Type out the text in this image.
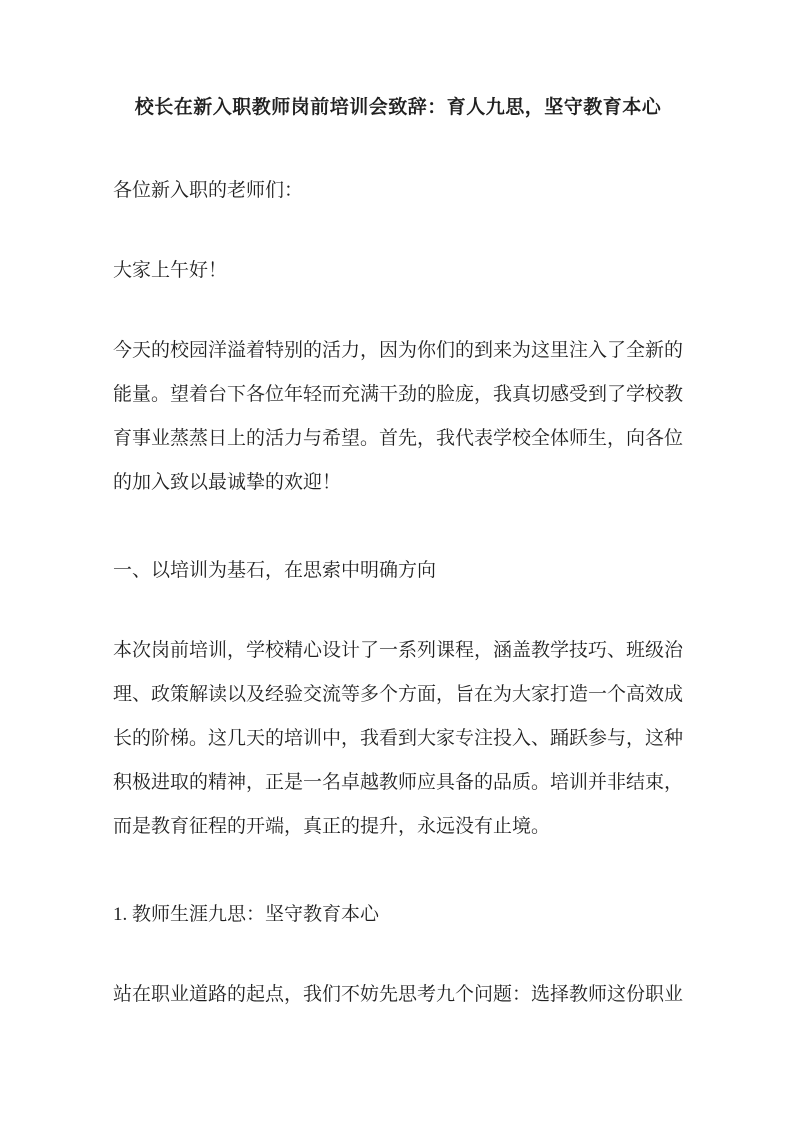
校长在新入职教师岗前培训会致辞：育人九思，坚守教育本心

各位新入职的老师们：

大家上午好！

今天的校园洋溢着特别的活力，因为你们的到来为这里注入了全新的能量。望着台下各位年轻而充满干劲的脸庞，我真切感受到了学校教育事业蒸蒸日上的活力与希望。首先，我代表学校全体师生，向各位的加入致以最诚挚的欢迎！

一、以培训为基石，在思索中明确方向

本次岗前培训，学校精心设计了一系列课程，涵盖教学技巧、班级治理、政策解读以及经验交流等多个方面，旨在为大家打造一个高效成长的阶梯。这几天的培训中，我看到大家专注投入、踊跃参与，这种积极进取的精神，正是一名卓越教师应具备的品质。培训并非结束，而是教育征程的开端，真正的提升，永远没有止境。

1. 教师生涯九思：坚守教育本心

站在职业道路的起点，我们不妨先思考九个问题：选择教师这份职业
